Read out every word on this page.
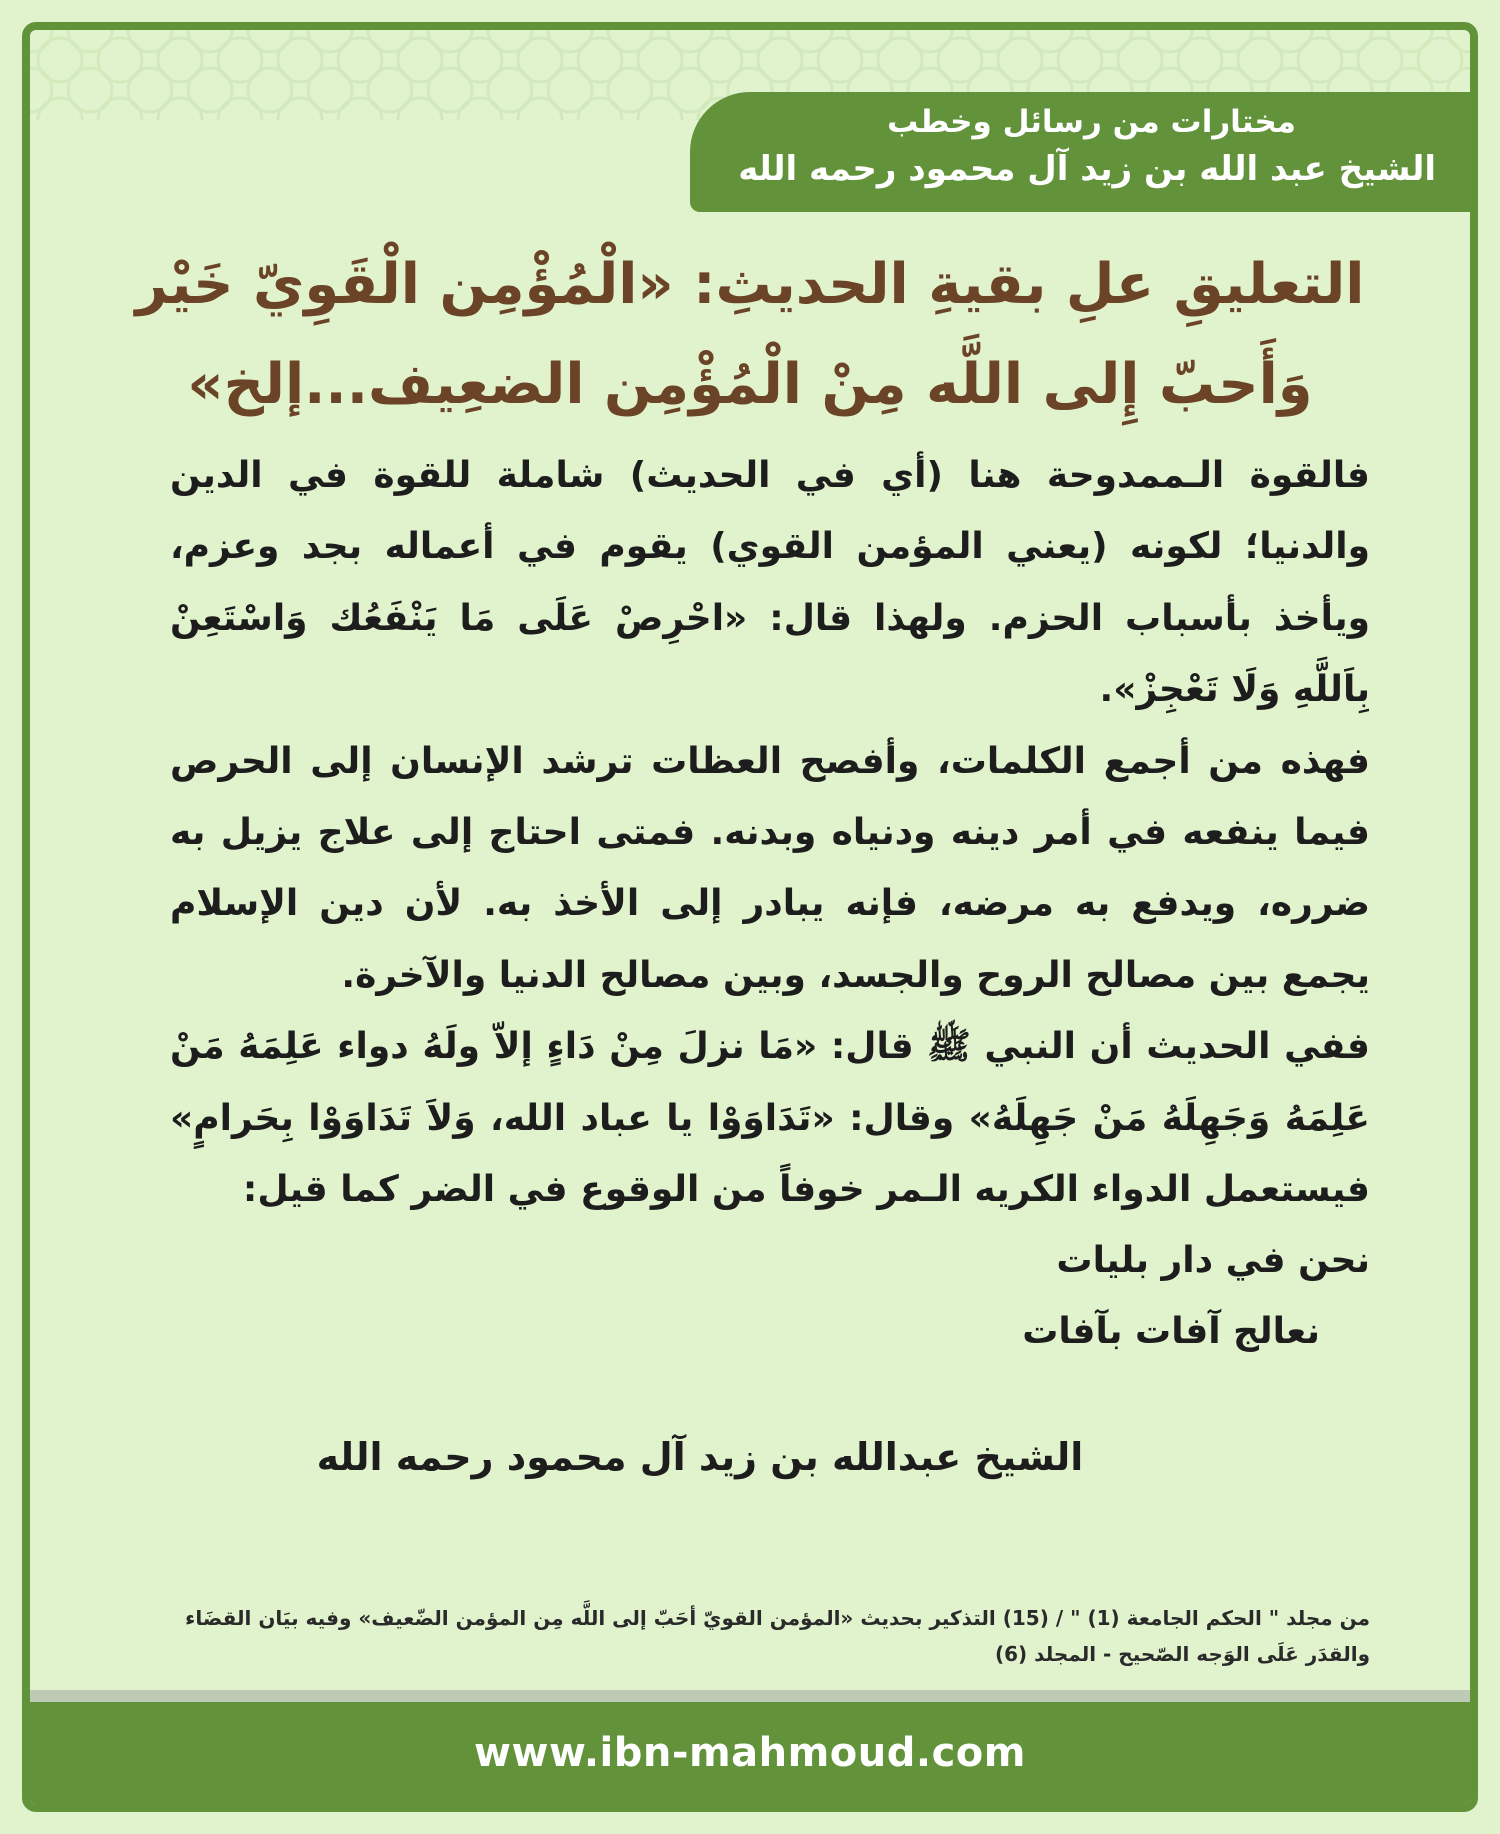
مختارات من رسائل وخطب
الشيخ عبد الله بن زيد آل محمود رحمه الله
التعليقِ علِ بقيةِ الحديثِ: «الْمُؤْمِن الْقَوِيّ خَيْر
وَأَحبّ إِلى اللَّه مِنْ الْمُؤْمِن الضعِيف...إلخ»

فالقوة الـممدوحة هنا (أي في الحديث) شاملة للقوة في الدين والدنيا؛ لكونه (يعني المؤمن القوي) يقوم في أعماله بجد وعزم، ويأخذ بأسباب الحزم. ولهذا قال: «احْرِصْ عَلَى مَا يَنْفَعُك وَاسْتَعِنْ بِاَللَّهِ وَلَا تَعْجِزْ».

فهذه من أجمع الكلمات، وأفصح العظات ترشد الإنسان إلى الحرص فيما ينفعه في أمر دينه ودنياه وبدنه. فمتى احتاج إلى علاج يزيل به ضرره، ويدفع به مرضه، فإنه يبادر إلى الأخذ به. لأن دين الإسلام يجمع بين مصالح الروح والجسد، وبين مصالح الدنيا والآخرة.

ففي الحديث أن النبي ﷺ قال: «مَا نزلَ مِنْ دَاءٍ إلاّ ولَهُ دواء عَلِمَهُ مَنْ عَلِمَهُ وَجَهِلَهُ مَنْ جَهِلَهُ» وقال: «تَدَاوَوْا يا عباد الله، وَلاَ تَدَاوَوْا بِحَرامٍ» فيستعمل الدواء الكريه الـمر خوفاً من الوقوع في الضر كما قيل:

نحن في دار بليات
نعالج آفات بآفات
الشيخ عبدالله بن زيد آل محمود رحمه الله
من مجلد " الحكم الجامعة (1) " / (15) التذكير بحديث «المؤمن القويّ أحَبّ إلى اللَّه مِن المؤمن الضّعيف» وفيه بيَان القضَاء
والقدَر عَلَى الوَجه الصّحيح - المجلد (6)
www.ibn-mahmoud.com
